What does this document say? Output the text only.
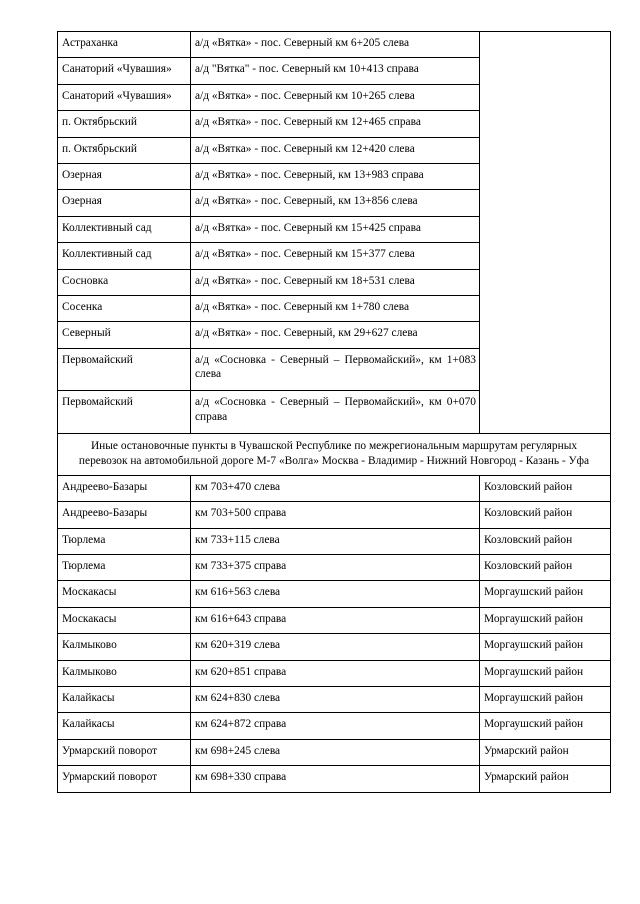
Астраханка	а/д «Вятка» - пос. Северный км 6+205 слева	
Санаторий «Чувашия»	а/д "Вятка" - пос. Северный км 10+413 справа	
Санаторий «Чувашия»	а/д «Вятка» - пос. Северный км 10+265 слева	
п. Октябрьский	а/д «Вятка» - пос. Северный км 12+465 справа	
п. Октябрьский	а/д «Вятка» - пос. Северный км 12+420 слева	
Озерная	а/д «Вятка» - пос. Северный, км 13+983 справа	
Озерная	а/д «Вятка» - пос. Северный, км 13+856 слева	
Коллективный сад	а/д «Вятка» - пос. Северный км 15+425 справа	
Коллективный сад	а/д «Вятка» - пос. Северный км 15+377 слева	
Сосновка	а/д «Вятка» - пос. Северный км 18+531 слева	
Сосенка	а/д «Вятка» - пос. Северный км 1+780 слева	
Северный	а/д «Вятка» - пос. Северный, км 29+627 слева	
Первомайский	а/д «Сосновка - Северный – Первомайский», км 1+083 слева	
Первомайский	а/д «Сосновка - Северный – Первомайский», км 0+070 справа	
Иные остановочные пункты в Чувашской Республике по межрегиональным маршрутам регулярных перевозок на автомобильной дороге М-7 «Волга» Москва - Владимир - Нижний Новгород - Казань - Уфа		
Андреево-Базары	км 703+470 слева	Козловский район
Андреево-Базары	км 703+500 справа	Козловский район
Тюрлема	км 733+115 слева	Козловский район
Тюрлема	км 733+375 справа	Козловский район
Москакасы	км 616+563 слева	Моргаушский район
Москакасы	км 616+643 справа	Моргаушский район
Калмыково	км 620+319 слева	Моргаушский район
Калмыково	км 620+851 справа	Моргаушский район
Калайкасы	км 624+830 слева	Моргаушский район
Калайкасы	км 624+872 справа	Моргаушский район
Урмарский поворот	км 698+245 слева	Урмарский район
Урмарский поворот	км 698+330 справа	Урмарский район
